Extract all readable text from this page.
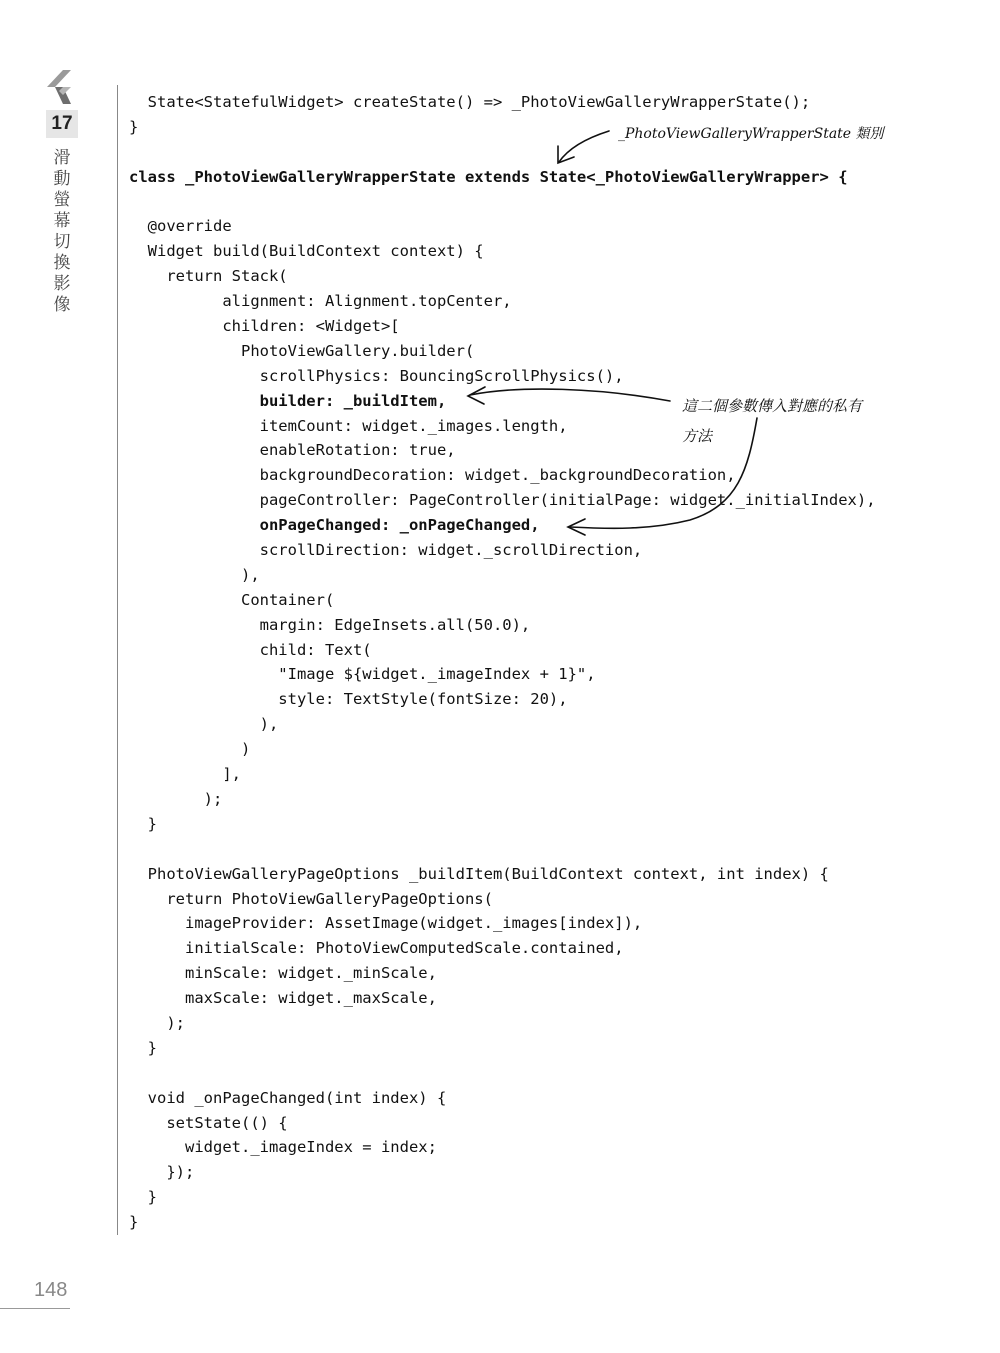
17
滑動螢幕切換影像
State<StatefulWidget> createState() => _PhotoViewGalleryWrapperState();
}
class _PhotoViewGalleryWrapperState extends State<_PhotoViewGalleryWrapper> {
@override
Widget build(BuildContext context) {
return Stack(
alignment: Alignment.topCenter,
children: <Widget>[
PhotoViewGallery.builder(
scrollPhysics: BouncingScrollPhysics(),
builder: _buildItem,
itemCount: widget._images.length,
enableRotation: true,
backgroundDecoration: widget._backgroundDecoration,
pageController: PageController(initialPage: widget._initialIndex),
onPageChanged: _onPageChanged,
scrollDirection: widget._scrollDirection,
),
Container(
margin: EdgeInsets.all(50.0),
child: Text(
"Image ${widget._imageIndex + 1}",
style: TextStyle(fontSize: 20),
),
)
],
);
}
PhotoViewGalleryPageOptions _buildItem(BuildContext context, int index) {
return PhotoViewGalleryPageOptions(
imageProvider: AssetImage(widget._images[index]),
initialScale: PhotoViewComputedScale.contained,
minScale: widget._minScale,
maxScale: widget._maxScale,
);
}
void _onPageChanged(int index) {
setState(() {
widget._imageIndex = index;
});
}
}
_PhotoViewGalleryWrapperState 類別
這二個參數傳入對應的私有方法
148
